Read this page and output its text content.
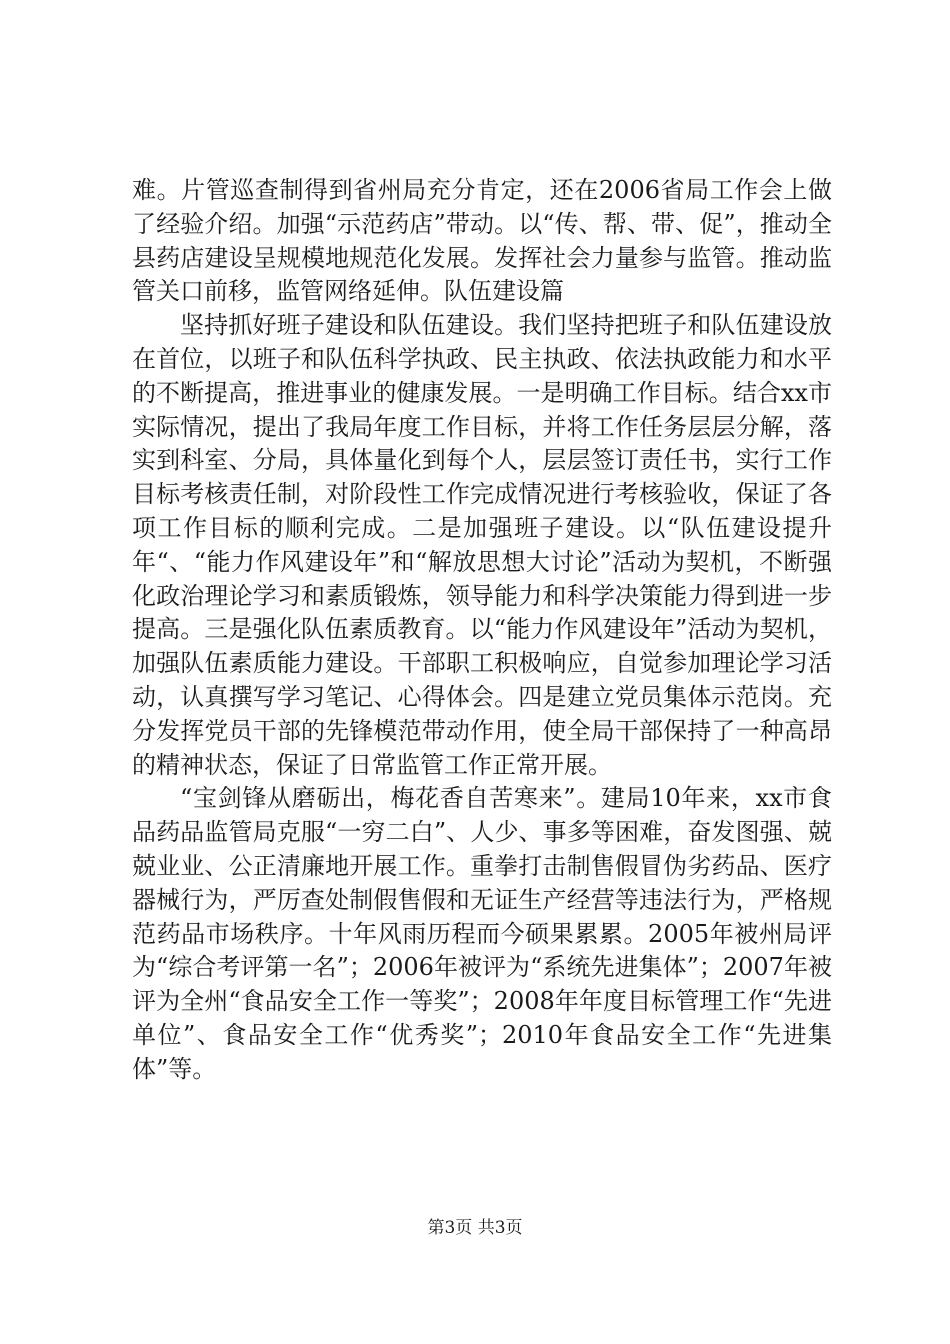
难。片管巡查制得到省州局充分肯定，还在2006省局工作会上做了经验介绍。加强“示范药店”带动。以“传、帮、带、促”，推动全县药店建设呈规模地规范化发展。发挥社会力量参与监管。推动监管关口前移，监管网络延伸。队伍建设篇

坚持抓好班子建设和队伍建设。我们坚持把班子和队伍建设放在首位，以班子和队伍科学执政、民主执政、依法执政能力和水平的不断提高，推进事业的健康发展。一是明确工作目标。结合xx市实际情况，提出了我局年度工作目标，并将工作任务层层分解，落实到科室、分局，具体量化到每个人，层层签订责任书，实行工作目标考核责任制，对阶段性工作完成情况进行考核验收，保证了各项工作目标的顺利完成。二是加强班子建设。以“队伍建设提升年“、“能力作风建设年”和“解放思想大讨论”活动为契机，不断强化政治理论学习和素质锻炼，领导能力和科学决策能力得到进一步提高。三是强化队伍素质教育。以“能力作风建设年”活动为契机，加强队伍素质能力建设。干部职工积极响应，自觉参加理论学习活动，认真撰写学习笔记、心得体会。四是建立党员集体示范岗。充分发挥党员干部的先锋模范带动作用，使全局干部保持了一种高昂的精神状态，保证了日常监管工作正常开展。

“宝剑锋从磨砺出，梅花香自苦寒来”。建局10年来，xx市食品药品监管局克服“一穷二白”、人少、事多等困难，奋发图强、兢兢业业、公正清廉地开展工作。重拳打击制售假冒伪劣药品、医疗器械行为，严厉查处制假售假和无证生产经营等违法行为，严格规范药品市场秩序。十年风雨历程而今硕果累累。2005年被州局评为“综合考评第一名”；2006年被评为“系统先进集体”；2007年被评为全州“食品安全工作一等奖”；2008年年度目标管理工作“先进单位”、食品安全工作“优秀奖”；2010年食品安全工作“先进集体”等。

第3页 共3页
